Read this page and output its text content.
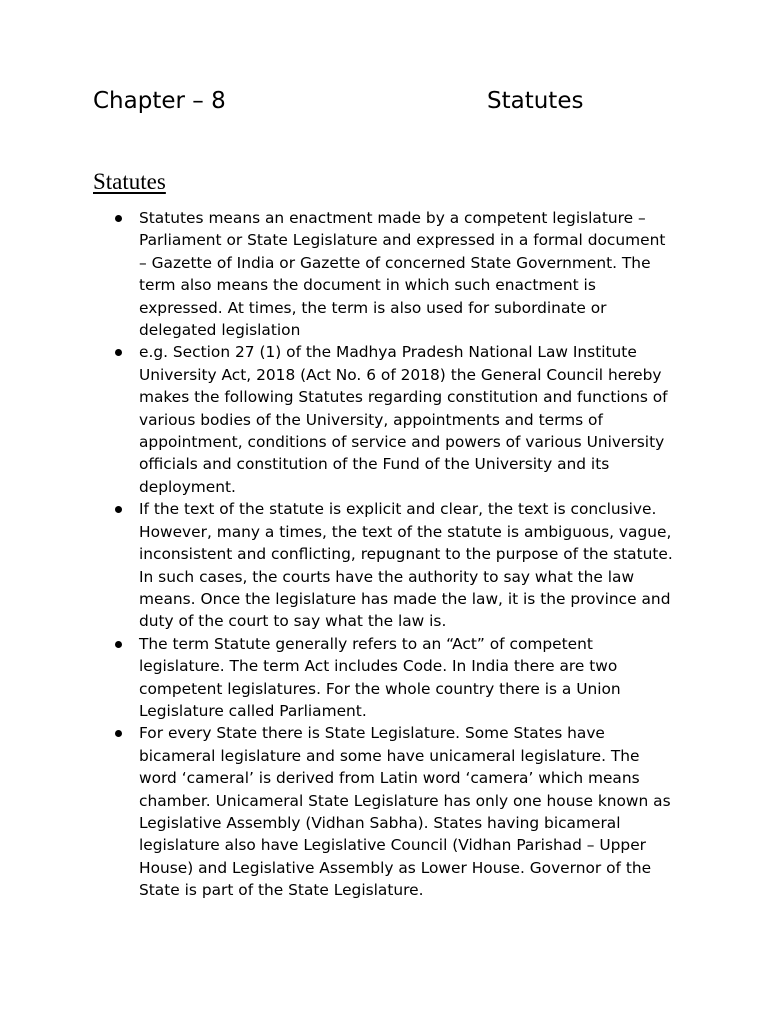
Chapter – 8	Statutes
Statutes
Statutes means an enactment made by a competent legislature – Parliament or State Legislature and expressed in a formal document – Gazette of India or Gazette of concerned State Government. The term also means the document in which such enactment is expressed. At times, the term is also used for subordinate or delegated legislation
e.g. Section 27 (1) of the Madhya Pradesh National Law Institute University Act, 2018 (Act No. 6 of 2018) the General Council hereby makes the following Statutes regarding constitution and functions of various bodies of the University, appointments and terms of appointment, conditions of service and powers of various University officials and constitution of the Fund of the University and its deployment.
If the text of the statute is explicit and clear, the text is conclusive. However, many a times, the text of the statute is ambiguous, vague, inconsistent and conflicting, repugnant to the purpose of the statute. In such cases, the courts have the authority to say what the law means. Once the legislature has made the law, it is the province and duty of the court to say what the law is.
The term Statute generally refers to an “Act” of competent legislature. The term Act includes Code. In India there are two competent legislatures. For the whole country there is a Union Legislature called Parliament.
For every State there is State Legislature. Some States have bicameral legislature and some have unicameral legislature. The word ‘cameral’ is derived from Latin word ‘camera’ which means chamber. Unicameral State Legislature has only one house known as Legislative Assembly (Vidhan Sabha). States having bicameral legislature also have Legislative Council (Vidhan Parishad – Upper House) and Legislative Assembly as Lower House. Governor of the State is part of the State Legislature.
